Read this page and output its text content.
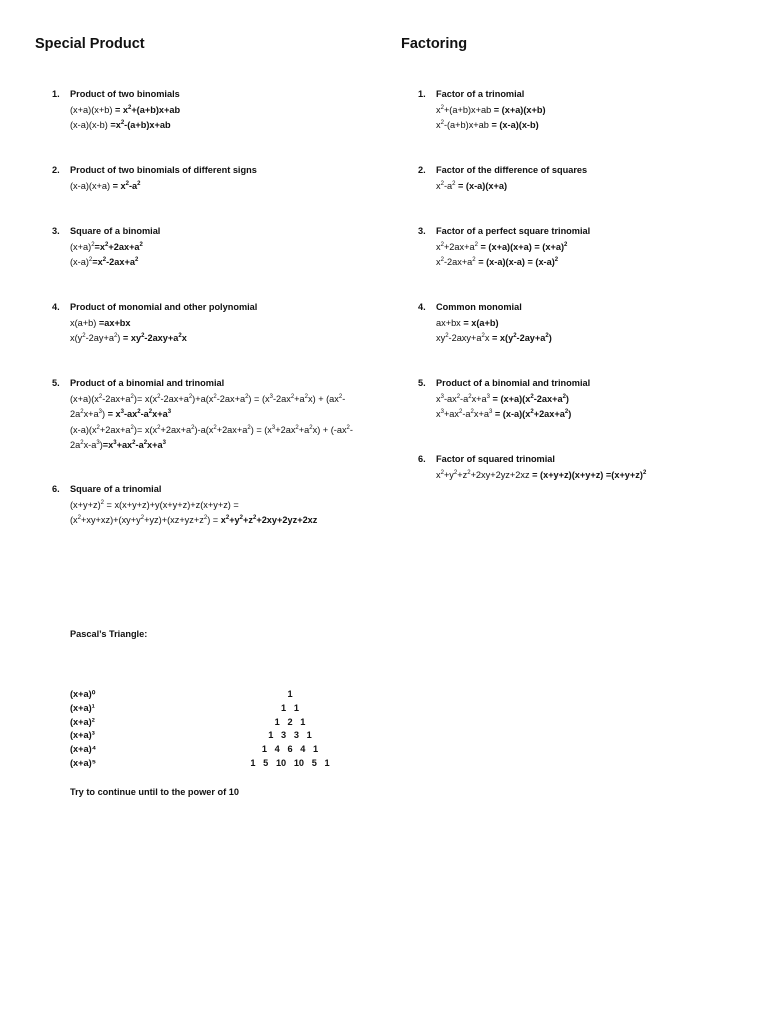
Special Product
1. Product of two binomials
$(x+a)(x+b) = x^2+(a+b)x+ab$
$(x-a)(x-b) =x^2-(a+b)x+ab$
2. Product of two binomials of different signs
$(x-a)(x+a) = x^2-a^2$
3. Square of a binomial
$(x+a)^2=x^2+2ax+a^2$
$(x-a)^2=x^2-2ax+a^2$
4. Product of monomial and other polynomial
x(a+b) =ax+bx
$x(y^2-2ay+a^2) = xy^2-2axy+a^2x$
5. Product of a binomial and trinomial
$(x+a)(x^2-2ax+a^2)= x(x^2-2ax+a^2)+a(x^2-2ax+a^2) = (x^3-2ax^2+a^2x) + (ax^2-2a^2x+a^3) = x^3-ax^2-a^2x+a^3$
$(x-a)(x^2+2ax+a^2)= x(x^2+2ax+a^2)-a(x^2+2ax+a^2) = (x^3+2ax^2+a^2x) + (-ax^2-2a^2x-a^3)=x^3+ax^2-a^2x+a^3$
6. Square of a trinomial
$(x+y+z)^2 = x(x+y+z)+y(x+y+z)+z(x+y+z)$ =
$(x^2+xy+xz)+(xy+y^2+yz)+(xz+yz+z^2) = x^2+y^2+z^2+2xy+2yz+2xz$
Factoring
1. Factor of a trinomial
$x^2+(a+b)x+ab = (x+a)(x+b)$
$x^2-(a+b)x+ab = (x-a)(x-b)$
2. Factor of the difference of squares
$x^2-a^2 = (x-a)(x+a)$
3. Factor of a perfect square trinomial
$x^2+2ax+a^2 = (x+a)(x+a) = (x+a)^2$
$x^2-2ax+a^2 = (x-a)(x-a) = (x-a)^2$
4. Common monomial
ax+bx = x(a+b)
$xy^2-2axy+a^2x = x(y^2-2ay+a^2)$
5. Product of a binomial and trinomial
$x^3-ax^2-a^2x+a^3 = (x+a)(x^2-2ax+a^2)$
$x^3+ax^2-a^2x+a^3 = (x-a)(x^2+2ax+a^2)$
6. Factor of squared trinomial
$x^2+y^2+z^2+2xy+2yz+2xz = (x+y+z)(x+y+z) =(x+y+z)^2$

Pascal’s Triangle:

(x+a)⁰	1
(x+a)¹	1   1
(x+a)²	1   2   1
(x+a)³	1   3   3   1
(x+a)⁴	1   4   6   4   1
(x+a)⁵	1   5   10   10   5   1

Try to continue until to the power of 10
